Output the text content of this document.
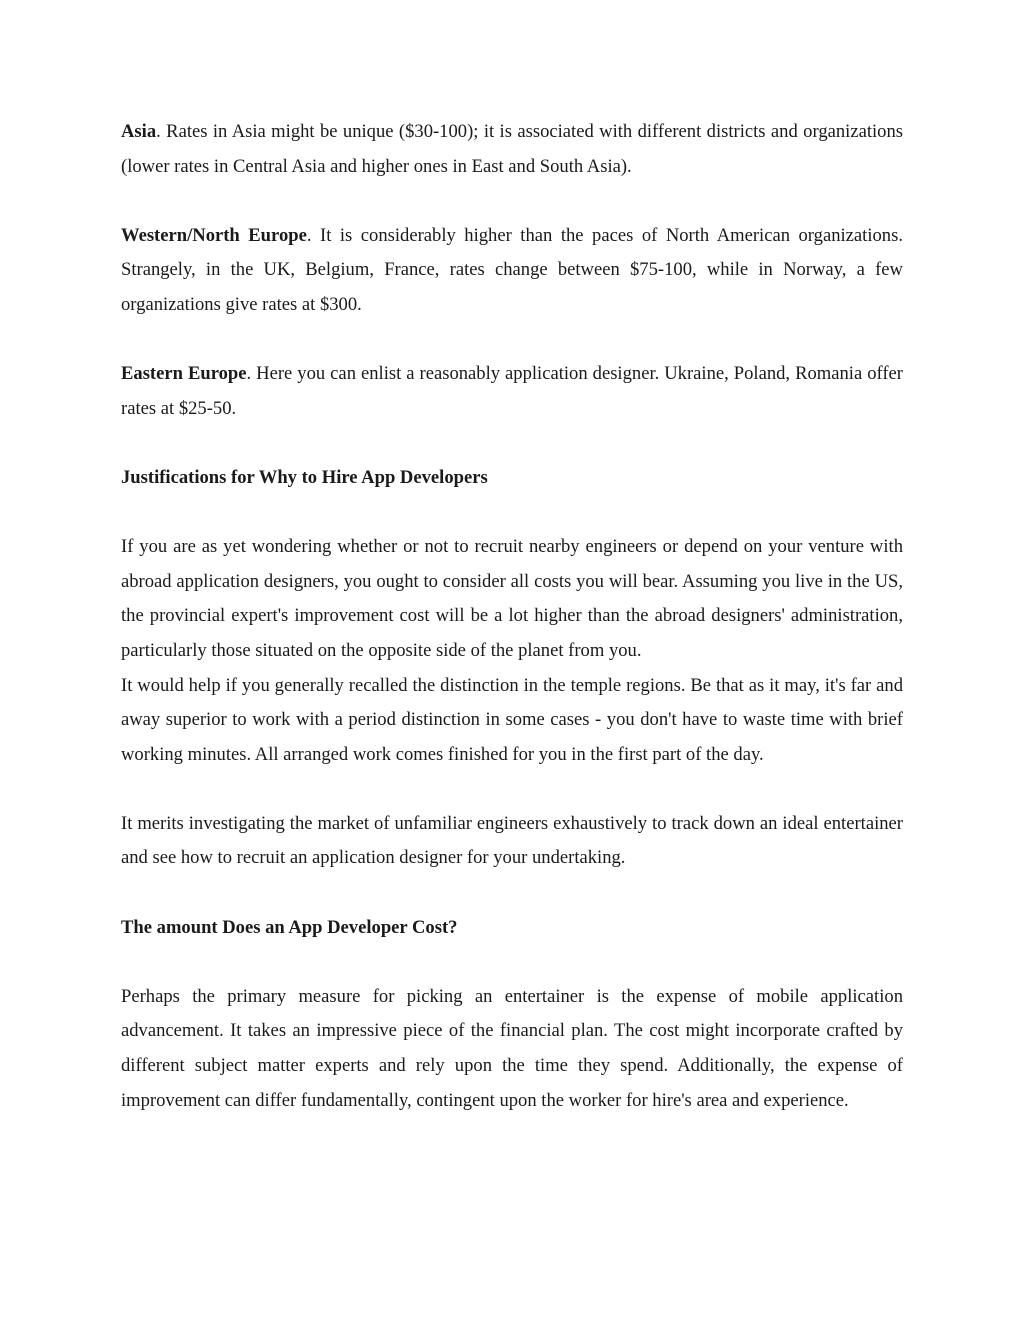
Asia. Rates in Asia might be unique ($30-100); it is associated with different districts and organizations (lower rates in Central Asia and higher ones in East and South Asia).

Western/North Europe. It is considerably higher than the paces of North American organizations. Strangely, in the UK, Belgium, France, rates change between $75-100, while in Norway, a few organizations give rates at $300.

Eastern Europe. Here you can enlist a reasonably application designer. Ukraine, Poland, Romania offer rates at $25-50.

Justifications for Why to Hire App Developers

If you are as yet wondering whether or not to recruit nearby engineers or depend on your venture with abroad application designers, you ought to consider all costs you will bear. Assuming you live in the US, the provincial expert's improvement cost will be a lot higher than the abroad designers' administration, particularly those situated on the opposite side of the planet from you.

It would help if you generally recalled the distinction in the temple regions. Be that as it may, it's far and away superior to work with a period distinction in some cases - you don't have to waste time with brief working minutes. All arranged work comes finished for you in the first part of the day.

It merits investigating the market of unfamiliar engineers exhaustively to track down an ideal entertainer and see how to recruit an application designer for your undertaking.

The amount Does an App Developer Cost?

Perhaps the primary measure for picking an entertainer is the expense of mobile application advancement. It takes an impressive piece of the financial plan. The cost might incorporate crafted by different subject matter experts and rely upon the time they spend. Additionally, the expense of improvement can differ fundamentally, contingent upon the worker for hire's area and experience.
